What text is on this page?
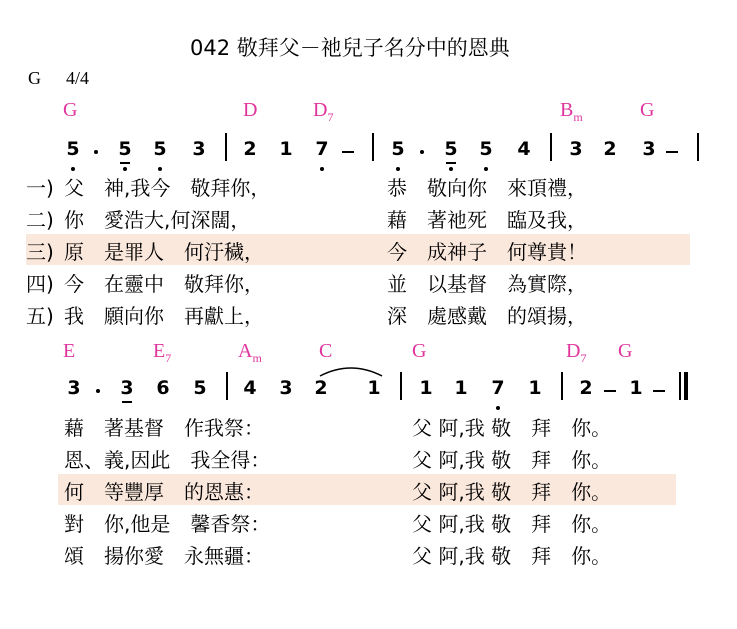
042 敬拜父－祂兒子名分中的恩典
G 4/4
G	D	$D_7$	$B_m$	G
5 5 5 3 2 1 7	5 5 5 4 3 2 3
一) 父　神,我今　敬拜你，	恭　敬向你　來頂禮，
二) 你　愛浩大,何深闊，	藉　著祂死　臨及我，
三) 原　是罪人　何汙穢，	今　成神子　何尊貴！
四) 今　在靈中　敬拜你，	並　以基督　為實際，
五) 我　願向你　再獻上，	深　處感戴　的頌揚，
E	$E_7$	$A_m$	C	G	$D_7$ G
3 3 6 5 4 3 2 1 1 1 7 1 2 1
藉　著基督　作我祭：	父 阿,我 敬　拜　你。
恩、義,因此　我全得：	父 阿,我 敬　拜　你。
何　等豐厚　的恩惠：	父 阿,我 敬　拜　你。
對　你,他是　馨香祭：	父 阿,我 敬　拜　你。
頌　揚你愛　永無疆：	父 阿,我 敬　拜　你。
